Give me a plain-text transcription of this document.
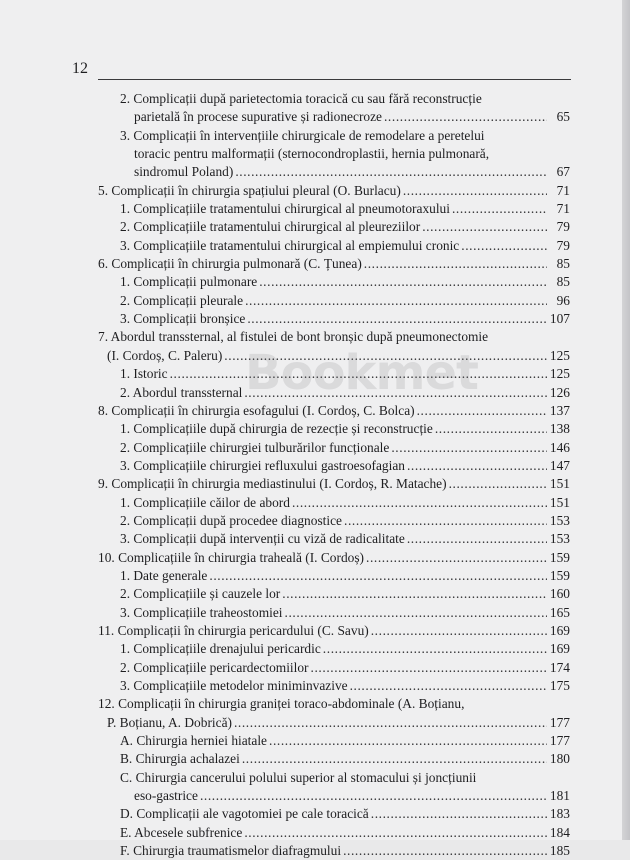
12
2. Complicații după parietectomia toracică cu sau fără reconstrucție
parietală în procese supurative și radionecroze .....	65
3. Complicații în intervențiile chirurgicale de remodelare a peretelui
toracic pentru malformații (sternocondroplastii, hernia pulmonară,
sindromul Poland) .....	67
5. Complicații în chirurgia spațiului pleural (O. Burlacu) .....	71
1. Complicațiile tratamentului chirurgical al pneumotoraxului .....	71
2. Complicațiile tratamentului chirurgical al pleureziilor .....	79
3. Complicațiile tratamentului chirurgical al empiemului cronic .....	79
6. Complicații în chirurgia pulmonară (C. Țunea) .....	85
1. Complicații pulmonare .....	85
2. Complicații pleurale .....	96
3. Complicații bronșice .....	107
7. Abordul transsternal, al fistulei de bont bronșic după pneumonectomie
(I. Cordoș, C. Paleru) .....	125
1. Istoric .....	125
2. Abordul transsternal .....	126
8. Complicații în chirurgia esofagului (I. Cordoș, C. Bolca) .....	137
1. Complicațiile după chirurgia de rezecție și reconstrucție .....	138
2. Complicațiile chirurgiei tulburărilor funcționale .....	146
3. Complicațiile chirurgiei refluxului gastroesofagian .....	147
9. Complicații în chirurgia mediastinului (I. Cordoș, R. Matache) .....	151
1. Complicațiile căilor de abord .....	151
2. Complicații după procedee diagnostice .....	153
3. Complicații după intervenții cu viză de radicalitate .....	153
10. Complicațiile în chirurgia traheală (I. Cordoș) .....	159
1. Date generale .....	159
2. Complicațiile și cauzele lor .....	160
3. Complicațiile traheostomiei .....	165
11. Complicații în chirurgia pericardului (C. Savu) .....	169
1. Complicațiile drenajului pericardic .....	169
2. Complicațiile pericardectomiilor .....	174
3. Complicațiile metodelor miniminvazive .....	175
12. Complicații în chirurgia graniței toraco-abdominale (A. Boțianu,
P. Boțianu, A. Dobrică) .....	177
A. Chirurgia herniei hiatale .....	177
B. Chirurgia achalazei .....	180
C. Chirurgia cancerului polului superior al stomacului și joncțiunii
eso-gastrice .....	181
D. Complicații ale vagotomiei pe cale toracică .....	183
E. Abcesele subfrenice .....	184
F. Chirurgia traumatismelor diafragmului .....	185
Bookmet
